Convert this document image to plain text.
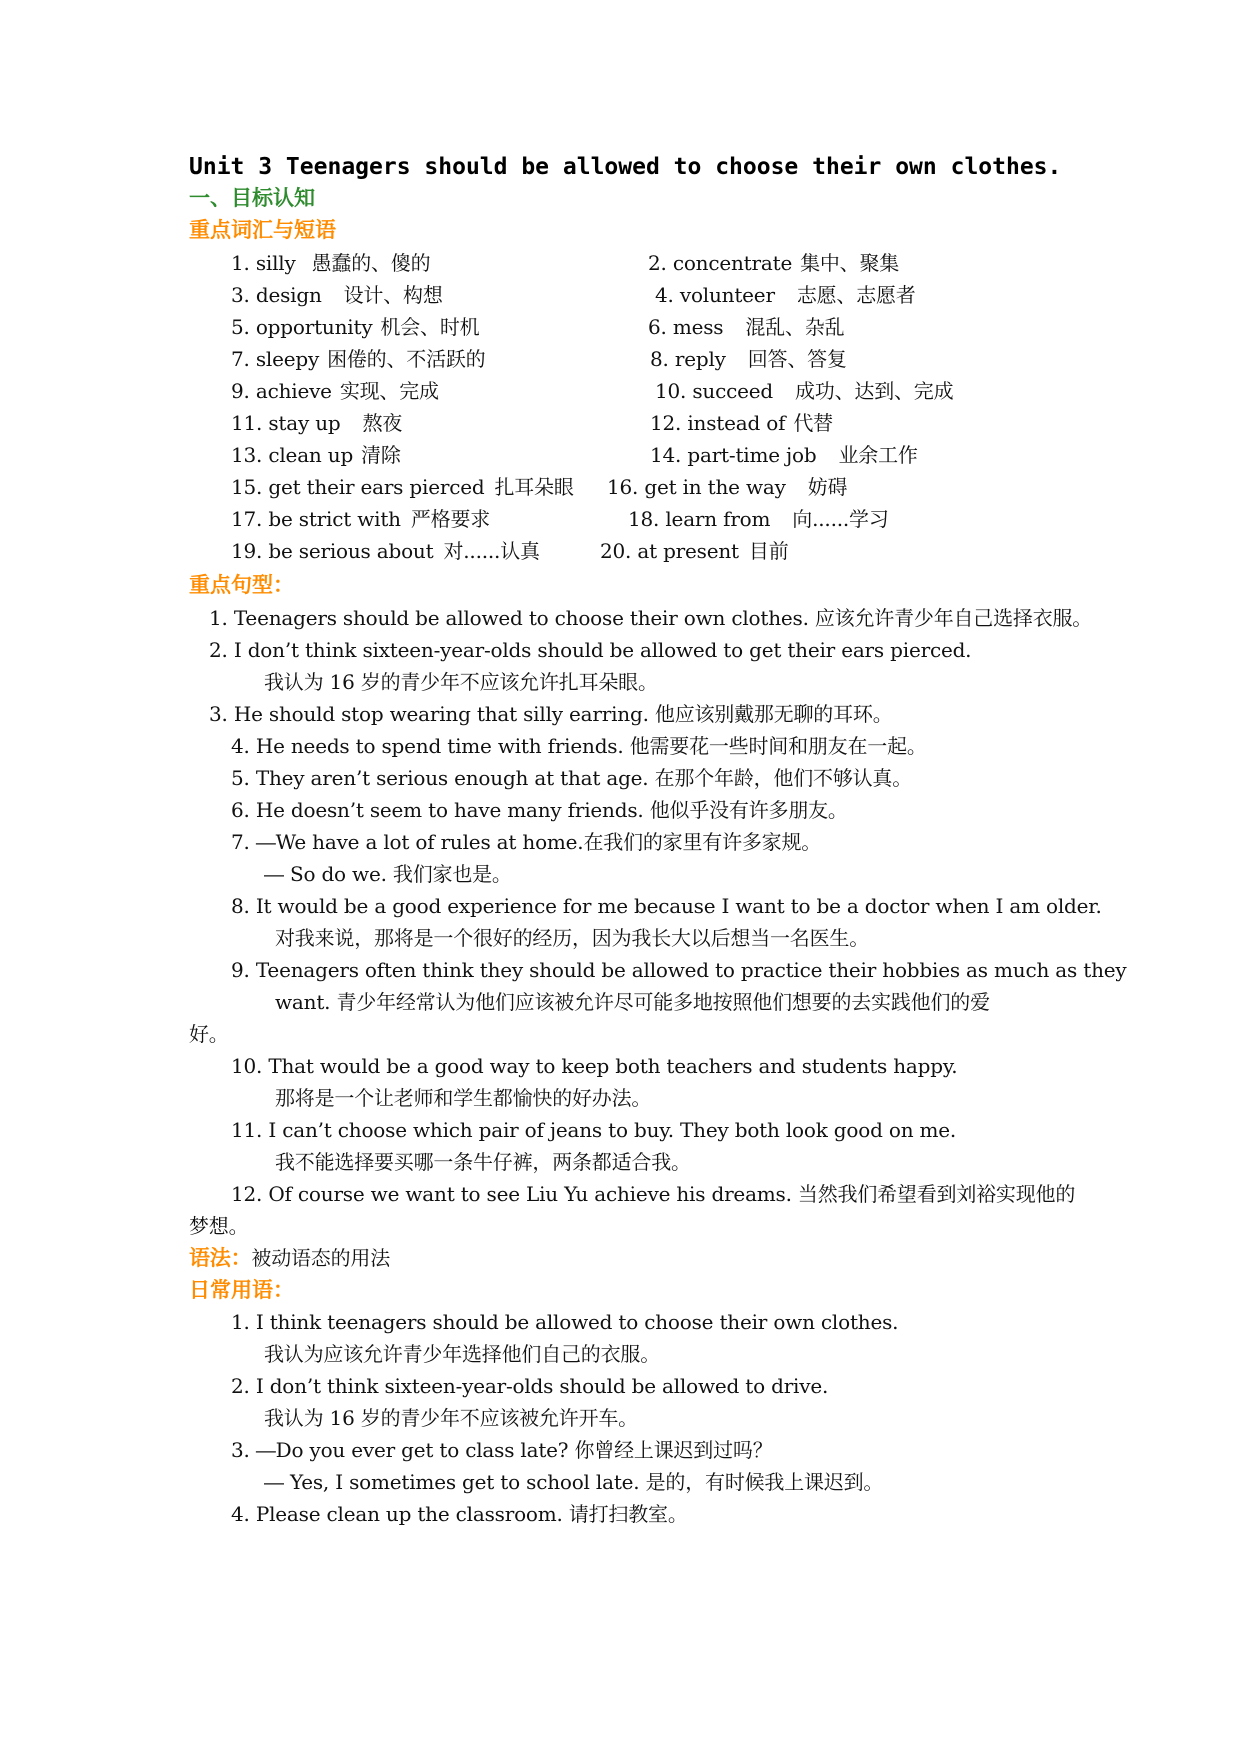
Unit 3 Teenagers should be allowed to choose their own clothes.
一、目标认知
重点词汇与短语
1. silly 愚蠢的、傻的
3. design 设计、构想
5. opportunity 机会、时机
7. sleepy 困倦的、不活跃的
9. achieve 实现、完成
11. stay up 熬夜
13. clean up 清除
15. get their ears pierced 扎耳朵眼
17. be strict with 严格要求
19. be serious about 对......认真
2. concentrate 集中、聚集
4. volunteer 志愿、志愿者
6. mess 混乱、杂乱
8. reply 回答、答复
10. succeed 成功、达到、完成
12. instead of 代替
14. part-time job 业余工作
16. get in the way 妨碍
18. learn from 向......学习
20. at present 目前
重点句型：
1. Teenagers should be allowed to choose their own clothes. 应该允许青少年自己选择衣服。
2. I don’t think sixteen-year-olds should be allowed to get their ears pierced.
我认为 16 岁的青少年不应该允许扎耳朵眼。
3. He should stop wearing that silly earring. 他应该别戴那无聊的耳环。
4. He needs to spend time with friends. 他需要花一些时间和朋友在一起。
5. They aren’t serious enough at that age. 在那个年龄，他们不够认真。
6. He doesn’t seem to have many friends. 他似乎没有许多朋友。
7. ―We have a lot of rules at home.在我们的家里有许多家规。
― So do we. 我们家也是。
8. It would be a good experience for me because I want to be a doctor when I am older.
对我来说，那将是一个很好的经历，因为我长大以后想当一名医生。
9. Teenagers often think they should be allowed to practice their hobbies as much as they
want. 青少年经常认为他们应该被允许尽可能多地按照他们想要的去实践他们的爱
好。
10. That would be a good way to keep both teachers and students happy.
那将是一个让老师和学生都愉快的好办法。
11. I can’t choose which pair of jeans to buy. They both look good on me.
我不能选择要买哪一条牛仔裤，两条都适合我。
12. Of course we want to see Liu Yu achieve his dreams. 当然我们希望看到刘裕实现他的
梦想。
语法：被动语态的用法
日常用语：
1. I think teenagers should be allowed to choose their own clothes.
我认为应该允许青少年选择他们自己的衣服。
2. I don’t think sixteen-year-olds should be allowed to drive.
我认为 16 岁的青少年不应该被允许开车。
3. ―Do you ever get to class late? 你曾经上课迟到过吗？
― Yes, I sometimes get to school late. 是的，有时候我上课迟到。
4. Please clean up the classroom. 请打扫教室。
